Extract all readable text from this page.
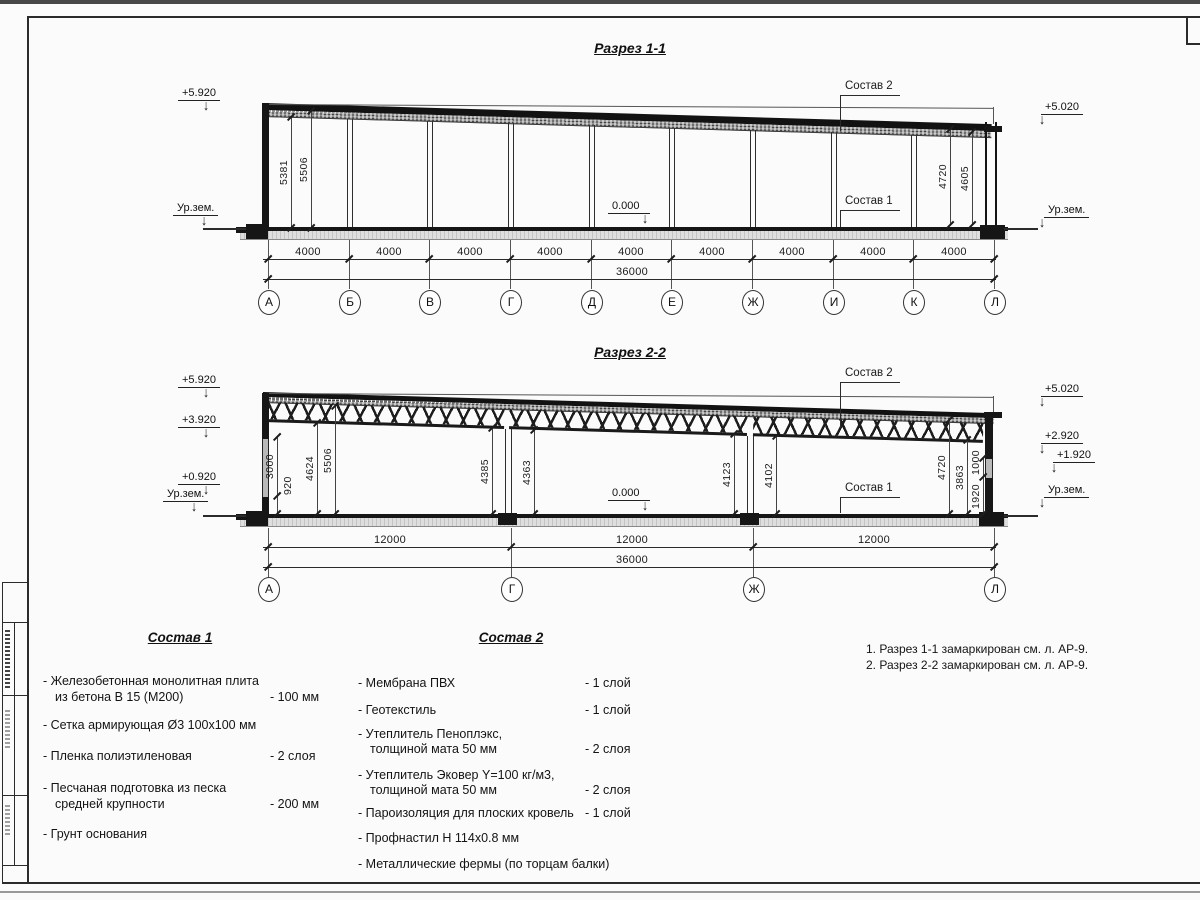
Разрез 1-1
+5.920
↓
Ур.зем.
↓
+5.020
↓
Ур.зем.
↓
0.000
↓
Состав 2
Состав 1
5381 5506	4720 4605
4000	4000	4000	4000	4000	4000	4000	4000	4000
36000
А	Б	В	Г	Д	Е	Ж	И	К	Л
Разрез 2-2
+5.920
↓
+3.920
↓
+0.920
↓
Ур.зем.
↓
+5.020
↓
+2.920
↓	+1.920
↓
Ур.зем.
↓
0.000
↓
Состав 2
Состав 1
3000
920
4624 5506	4385	4363	4123	4102	4720 3863
1000
1920
12000	12000	12000
36000
А	Г	Ж	Л
Состав 1
- Железобетонная монолитная плита
из бетона В 15 (М200)	- 100 мм
- Сетка армирующая Ø3 100x100 мм
- Пленка полиэтиленовая	- 2 слоя
- Песчаная подготовка из песка
средней крупности	- 200 мм
- Грунт основания
Состав 2
- Мембрана ПВХ	- 1 слой
- Геотекстиль	- 1 слой
- Утеплитель Пеноплэкс,
толщиной мата 50 мм	- 2 слоя
- Утеплитель Эковер Y=100 кг/м3,
толщиной мата 50 мм	- 2 слоя
- Пароизоляция для плоских кровель - 1 слой
- Профнастил Н 114x0.8 мм
- Металлические фермы (по торцам балки)
1. Разрез 1-1 замаркирован см. л. АР-9.
2. Разрез 2-2 замаркирован см. л. АР-9.
